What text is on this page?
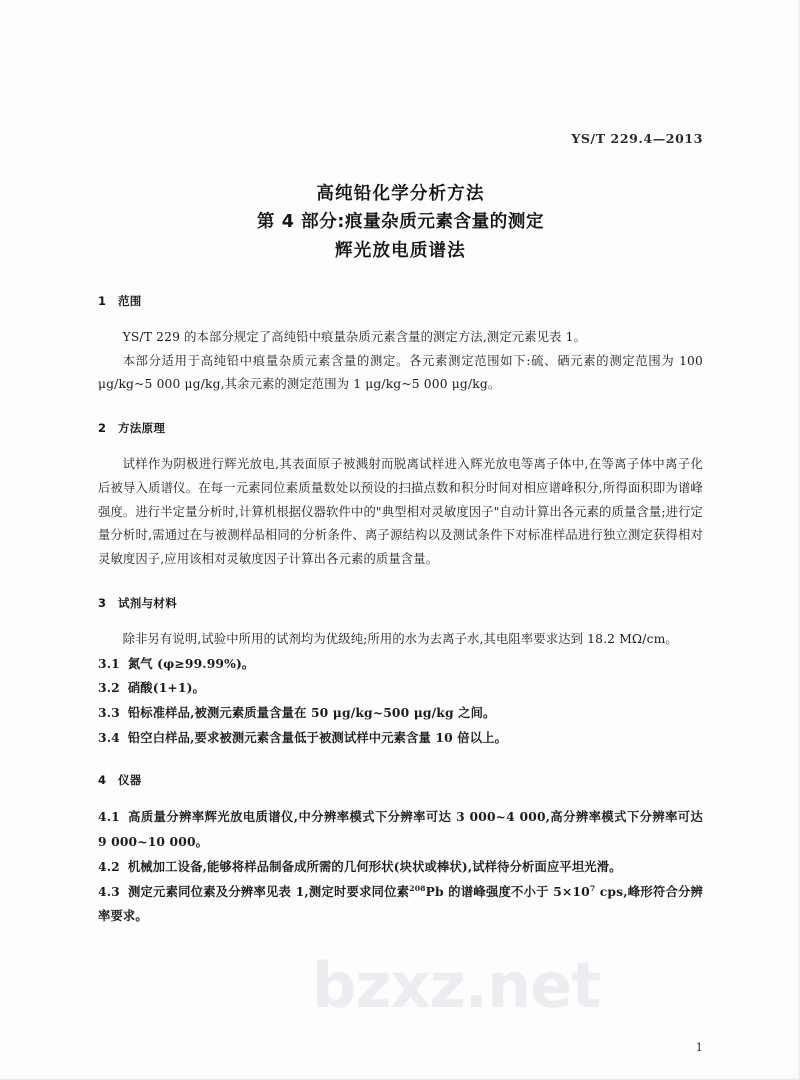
bzxz.net
YS/T 229.4—2013
高纯铅化学分析方法
第 4 部分:痕量杂质元素含量的测定
辉光放电质谱法
1 范围
YS/T 229 的本部分规定了高纯铅中痕量杂质元素含量的测定方法,测定元素见表 1。
本部分适用于高纯铅中痕量杂质元素含量的测定。各元素测定范围如下:硫、硒元素的测定范围为 100 μg/kg~5 000 μg/kg,其余元素的测定范围为 1 μg/kg~5 000 μg/kg。
2 方法原理
试样作为阴极进行辉光放电,其表面原子被溅射而脱离试样进入辉光放电等离子体中,在等离子体中离子化后被导入质谱仪。在每一元素同位素质量数处以预设的扫描点数和积分时间对相应谱峰积分,所得面积即为谱峰强度。进行半定量分析时,计算机根据仪器软件中的"典型相对灵敏度因子"自动计算出各元素的质量含量;进行定量分析时,需通过在与被测样品相同的分析条件、离子源结构以及测试条件下对标准样品进行独立测定获得相对灵敏度因子,应用该相对灵敏度因子计算出各元素的质量含量。
3 试剂与材料
除非另有说明,试验中所用的试剂均为优级纯;所用的水为去离子水,其电阻率要求达到 18.2 MΩ/cm。
3.1 氮气 (φ≥99.99%)。
3.2 硝酸(1+1)。
3.3 铅标准样品,被测元素质量含量在 50 μg/kg~500 μg/kg 之间。
3.4 铅空白样品,要求被测元素含量低于被测试样中元素含量 10 倍以上。
4 仪器
4.1 高质量分辨率辉光放电质谱仪,中分辨率模式下分辨率可达 3 000~4 000,高分辨率模式下分辨率可达 9 000~10 000。
4.2 机械加工设备,能够将样品制备成所需的几何形状(块状或棒状),试样待分析面应平坦光滑。
4.3 测定元素同位素及分辨率见表 1,测定时要求同位素$^{208}$Pb 的谱峰强度不小于 $5\times 10^7$ cps,峰形符合分辨率要求。
1
